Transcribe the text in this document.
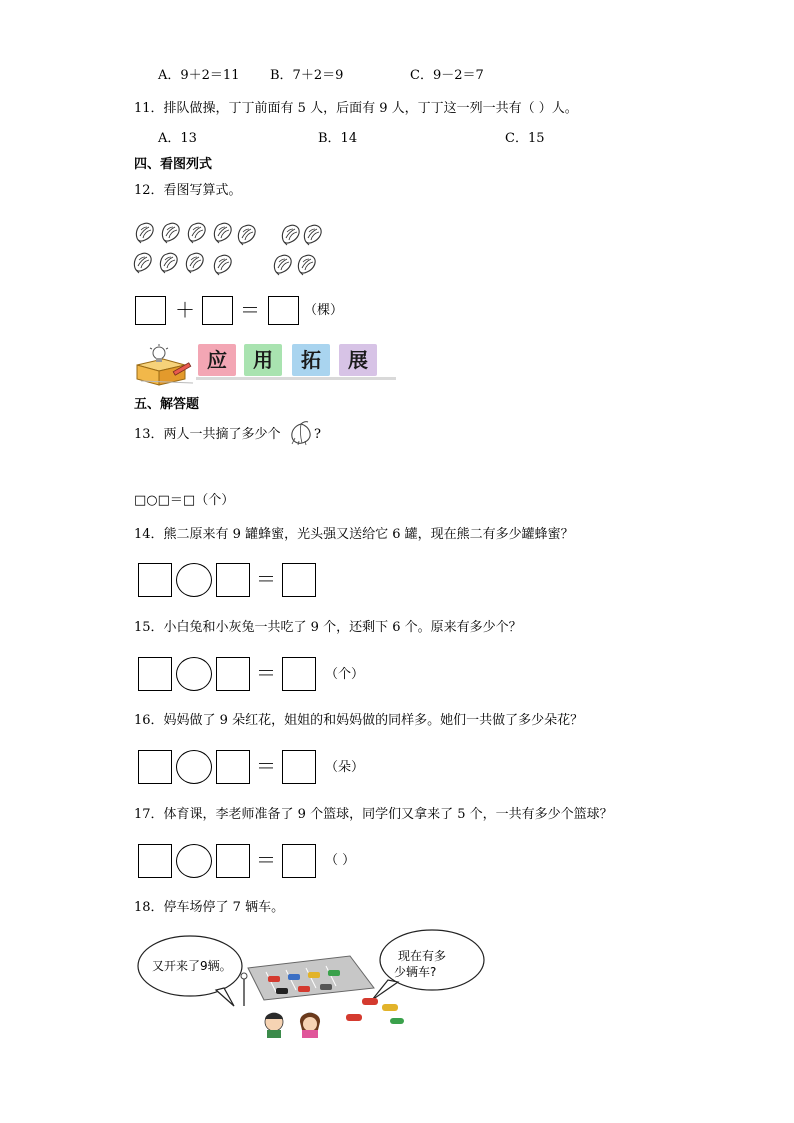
A．9＋2＝11 B．7＋2＝9	C．9－2＝7
11．排队做操，丁丁前面有 5 人，后面有 9 人，丁丁这一列一共有（ ）人。
A．13	B．14	C．15
四、看图列式
12．看图写算式。
＋ ＝	（棵）
应	用	拓	展
五、解答题
13．两人一共摘了多少个	?
□○□＝□（个）
14．熊二原来有 9 罐蜂蜜，光头强又送给它 6 罐，现在熊二有多少罐蜂蜜？
＝
15．小白兔和小灰兔一共吃了 9 个，还剩下 6 个。原来有多少个？
＝	（个）
16．妈妈做了 9 朵红花，姐姐的和妈妈做的同样多。她们一共做了多少朵花？
＝	（朵）
17．体育课，李老师准备了 9 个篮球，同学们又拿来了 5 个，一共有多少个篮球？
＝	（ ）
18．停车场停了 7 辆车。
又开来了9辆。
现在有多
少辆车?
